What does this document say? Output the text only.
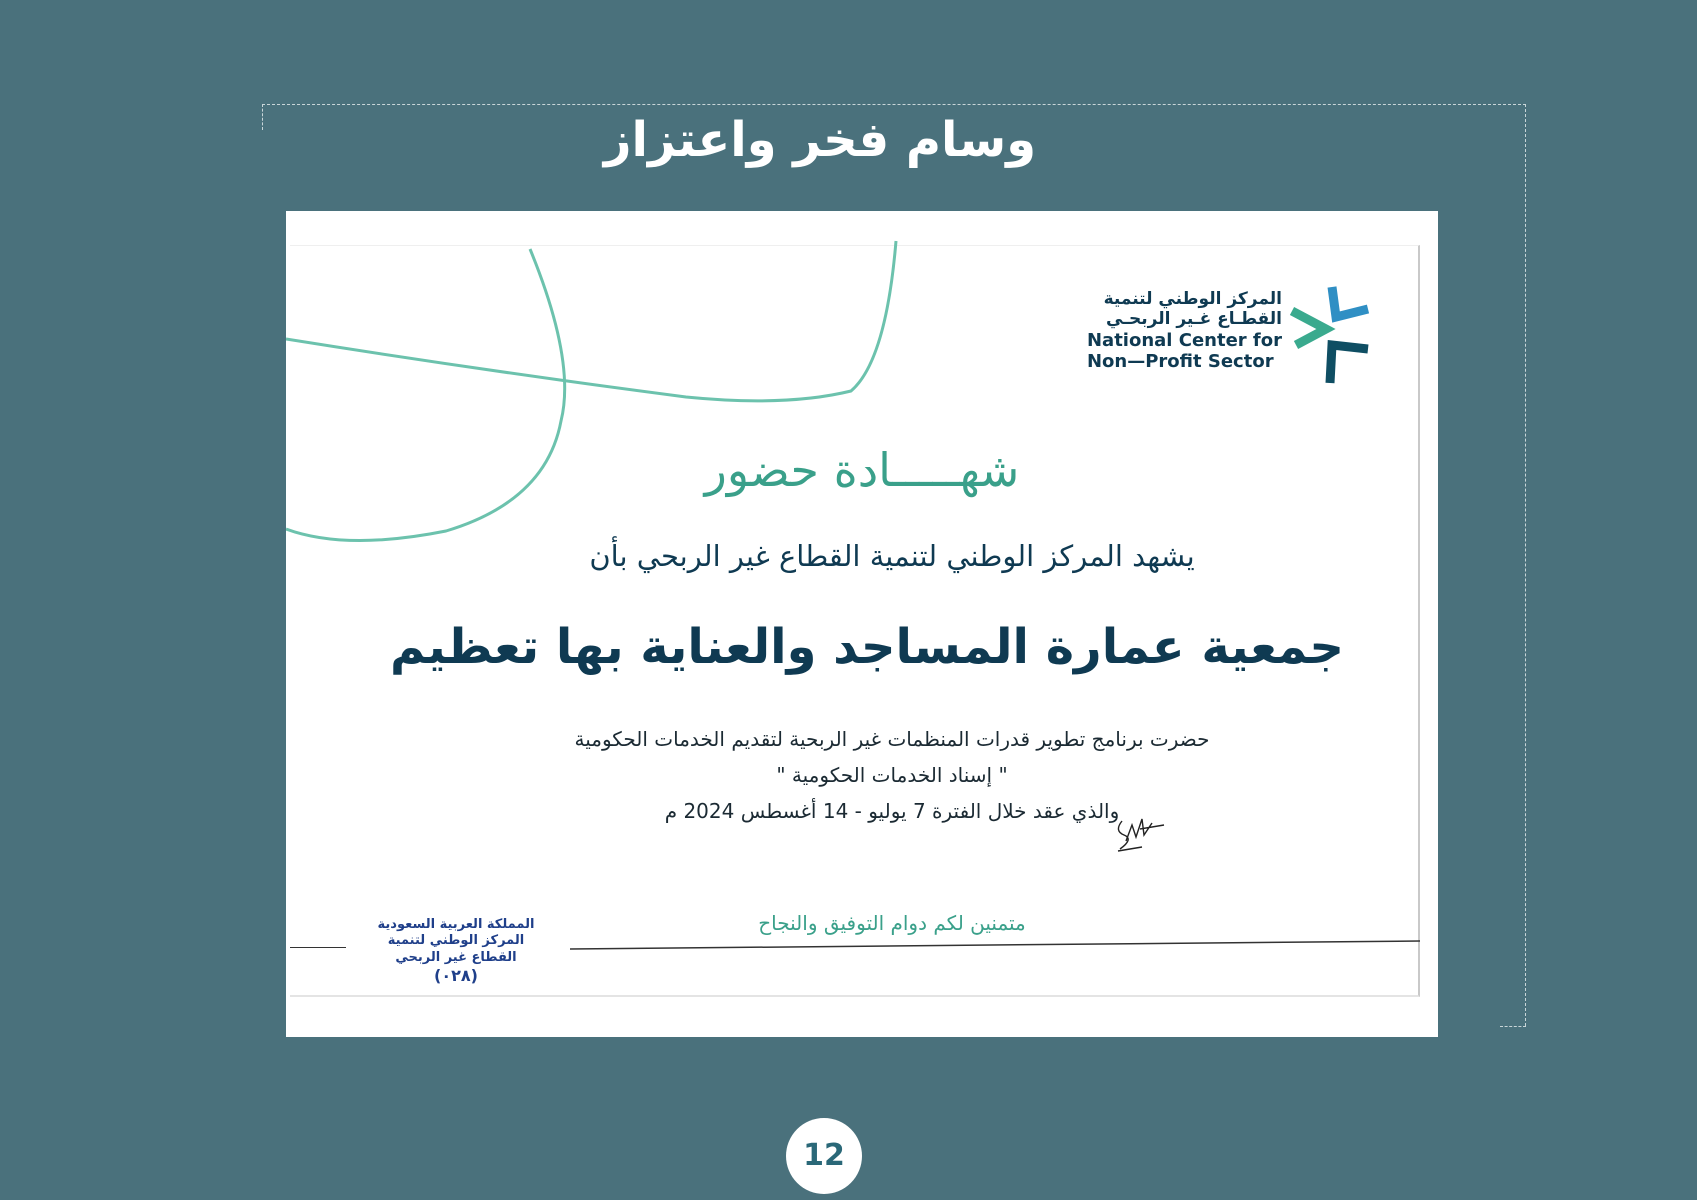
وسام فخر واعتزاز
المركز الوطني لتنمية
القطـاع غـير الربحـي
National Center for
Non—Profit Sector
شهـــــادة حضور
يشهد المركز الوطني لتنمية القطاع غير الربحي بأن
جمعية عمارة المساجد والعناية بها تعظيم
حضرت برنامج تطوير قدرات المنظمات غير الربحية لتقديم الخدمات الحكومية
" إسناد الخدمات الحكومية "
والذي عقد خلال الفترة 7 يوليو - 14 أغسطس 2024 م
متمنين لكم دوام التوفيق والنجاح
المملكة العربية السعودية
المركز الوطني لتنمية
القطاع غير الربحي
(٠٢٨)
12
